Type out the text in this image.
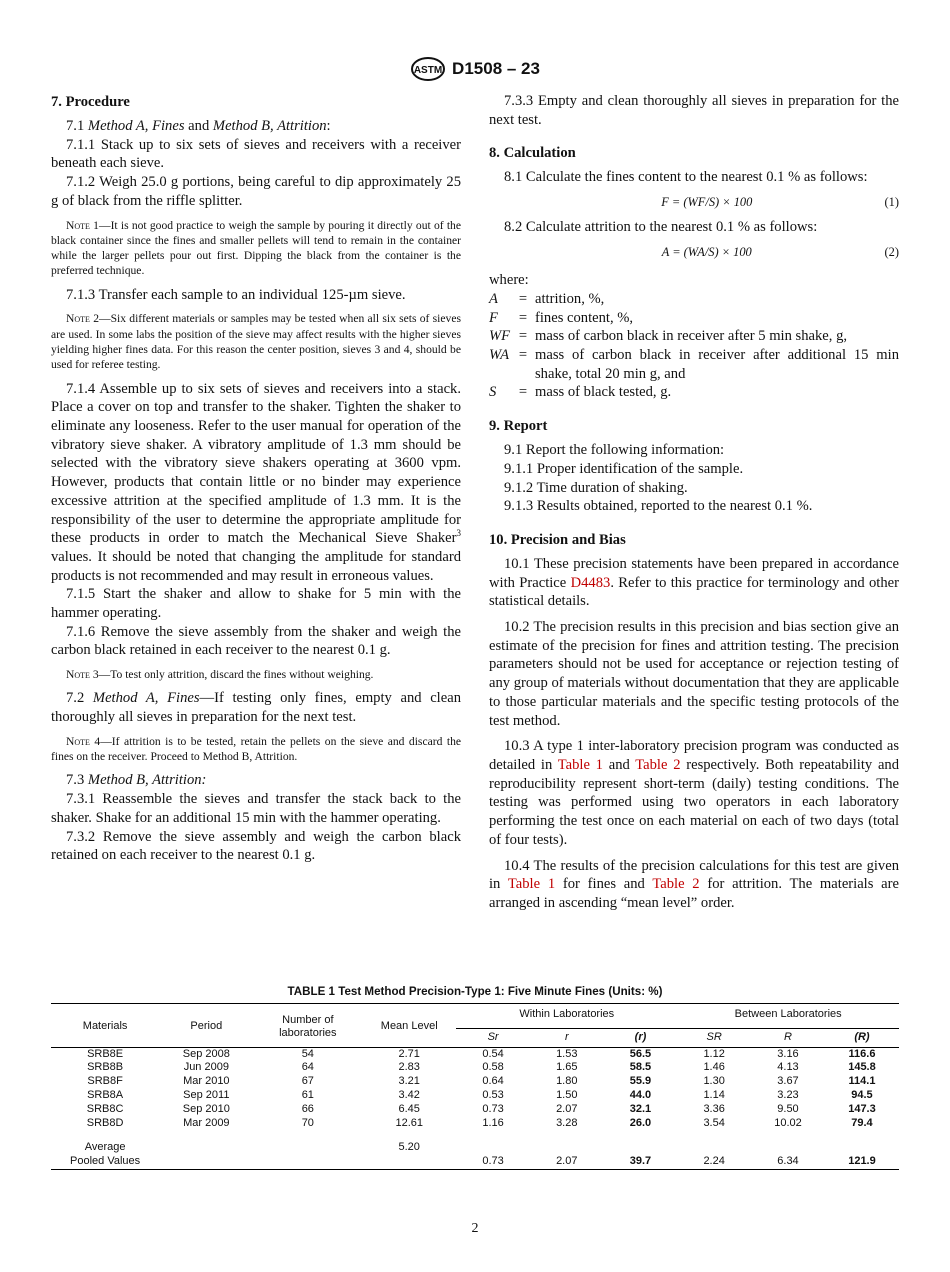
ASTM D1508 – 23
7. Procedure

7.1 Method A, Fines and Method B, Attrition:

7.1.1 Stack up to six sets of sieves and receivers with a receiver beneath each sieve.

7.1.2 Weigh 25.0 g portions, being careful to dip approximately 25 g of black from the riffle splitter.

Note 1—It is not good practice to weigh the sample by pouring it directly out of the black container since the fines and smaller pellets will tend to remain in the container while the larger pellets pour out first. Dipping the black from the container is the preferred technique.

7.1.3 Transfer each sample to an individual 125-µm sieve.

Note 2—Six different materials or samples may be tested when all six sets of sieves are used. In some labs the position of the sieve may affect results with the higher sieves yielding higher fines data. For this reason the center position, sieves 3 and 4, should be used for referee testing.

7.1.4 Assemble up to six sets of sieves and receivers into a stack. Place a cover on top and transfer to the shaker. Tighten the shaker to eliminate any looseness. Refer to the user manual for operation of the vibratory sieve shaker. A vibratory amplitude of 1.3 mm should be selected with the vibratory sieve shakers operating at 3600 vpm. However, products that contain little or no binder may experience excessive attrition at the specified amplitude of 1.3 mm. It is the responsibility of the user to determine the appropriate amplitude for these products in order to match the Mechanical Sieve Shaker$^3$ values. It should be noted that changing the amplitude for standard products is not recommended and may result in erroneous values.

7.1.5 Start the shaker and allow to shake for 5 min with the hammer operating.

7.1.6 Remove the sieve assembly from the shaker and weigh the carbon black retained in each receiver to the nearest 0.1 g.

Note 3—To test only attrition, discard the fines without weighing.

7.2 Method A, Fines—If testing only fines, empty and clean thoroughly all sieves in preparation for the next test.

Note 4—If attrition is to be tested, retain the pellets on the sieve and discard the fines on the receiver. Proceed to Method B, Attrition.

7.3 Method B, Attrition:

7.3.1 Reassemble the sieves and transfer the stack back to the shaker. Shake for an additional 15 min with the hammer operating.

7.3.2 Remove the sieve assembly and weigh the carbon black retained on each receiver to the nearest 0.1 g.

7.3.3 Empty and clean thoroughly all sieves in preparation for the next test.

8. Calculation

8.1 Calculate the fines content to the nearest 0.1 % as follows:

F = (WF/S) × 100	(1)

8.2 Calculate attrition to the nearest 0.1 % as follows:

A = (WA/S) × 100	(2)

where:

A	= attrition, %,
F	= fines content, %,
WF = mass of carbon black in receiver after 5 min shake, g,
WA = mass of carbon black in receiver after additional 15 min shake, total 20 min g, and
S	= mass of black tested, g.
9. Report

9.1 Report the following information:

9.1.1 Proper identification of the sample.

9.1.2 Time duration of shaking.

9.1.3 Results obtained, reported to the nearest 0.1 %.

10. Precision and Bias

10.1 These precision statements have been prepared in accordance with Practice D4483. Refer to this practice for terminology and other statistical details.

10.2 The precision results in this precision and bias section give an estimate of the precision for fines and attrition testing. The precision parameters should not be used for acceptance or rejection testing of any group of materials without documentation that they are applicable to those particular materials and the specific testing protocols of the test method.

10.3 A type 1 inter-laboratory precision program was conducted as detailed in Table 1 and Table 2 respectively. Both repeatability and reproducibility represent short-term (daily) testing conditions. The testing was performed using two operators in each laboratory performing the test once on each material on each of two days (total of four tests).

10.4 The results of the precision calculations for this test are given in Table 1 for fines and Table 2 for attrition. The materials are arranged in ascending “mean level” order.

TABLE 1 Test Method Precision-Type 1: Five Minute Fines (Units: %)
Materials	Period	Number of laboratories	Mean Level	Within Laboratories			Between Laboratories		
				Sr	r	(r)	SR	R	(R)
SRB8E	Sep 2008	54	2.71	0.54	1.53	56.5	1.12	3.16	116.6
SRB8B	Jun 2009	64	2.83	0.58	1.65	58.5	1.46	4.13	145.8
SRB8F	Mar 2010	67	3.21	0.64	1.80	55.9	1.30	3.67	114.1
SRB8A	Sep 2011	61	3.42	0.53	1.50	44.0	1.14	3.23	94.5
SRB8C	Sep 2010	66	6.45	0.73	2.07	32.1	3.36	9.50	147.3
SRB8D	Mar 2009	70	12.61	1.16	3.28	26.0	3.54	10.02	79.4

Average			5.20						
Pooled Values				0.73	2.07	39.7	2.24	6.34	121.9
2
